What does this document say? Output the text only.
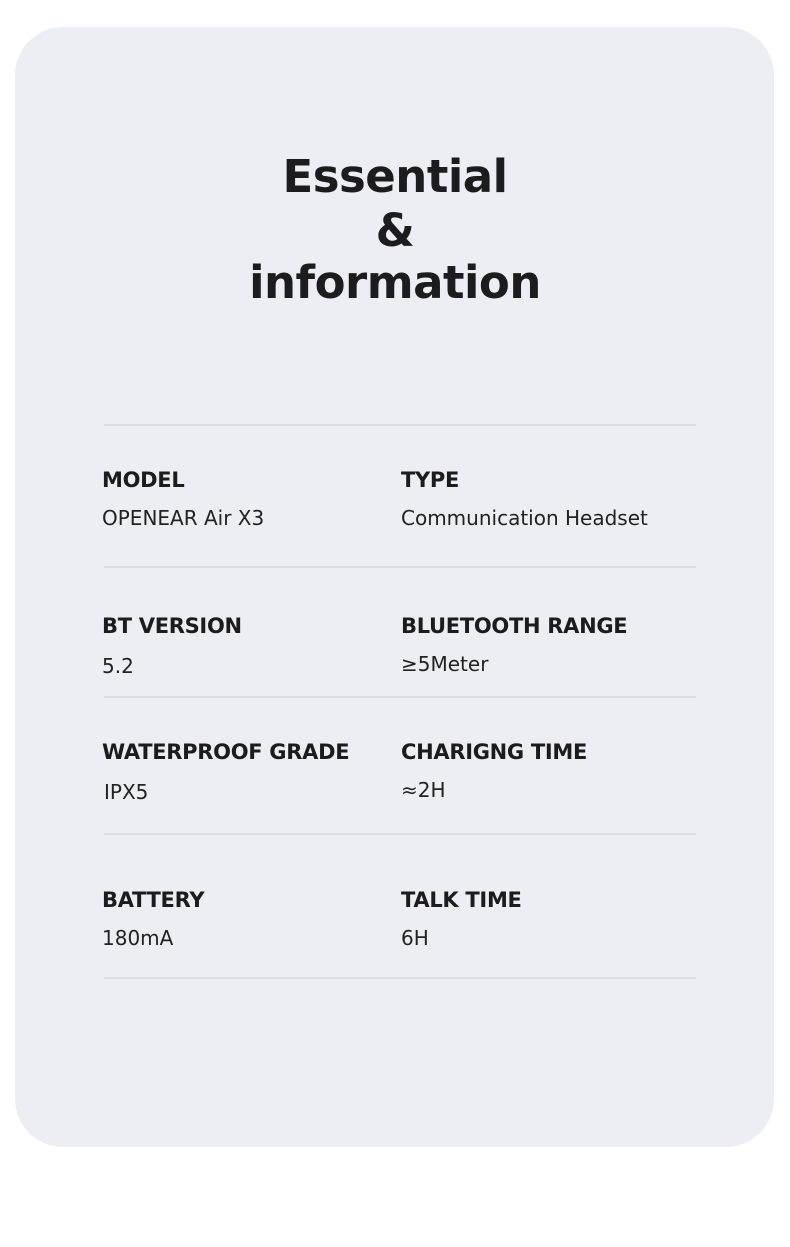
Essential
&
information
MODEL
OPENEAR Air X3
TYPE
Communication Headset
BT VERSION
5.2
BLUETOOTH RANGE
≥5Meter
WATERPROOF GRADE
IPX5
CHARIGNG TIME
≈2H
BATTERY
180mA
TALK TIME
6H
